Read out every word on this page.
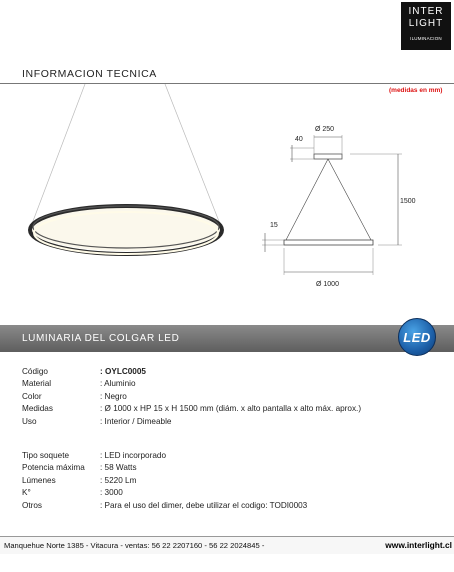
INTER
LIGHT
ILUMINACION
INFORMACION TECNICA
(medidas en mm)
Ø 250
40
1500
15
Ø 1000
LUMINARIA DEL COLGAR LED	LED
Código	: OYLC0005
Material	: Aluminio
Color	: Negro
Medidas	: Ø 1000 x HP 15 x H 1500 mm (diám. x alto pantalla x alto máx. aprox.)
Uso	: Interior / Dimeable
Tipo soquete	: LED incorporado
Potencia máxima : 58 Watts
Lúmenes	: 5220 Lm
K°	: 3000
Otros	: Para el uso del dimer, debe utilizar el codigo: TODI0003
Manquehue Norte 1385 - Vitacura - ventas: 56 22 2207160 - 56 22 2024845 -	www.interlight.cl
